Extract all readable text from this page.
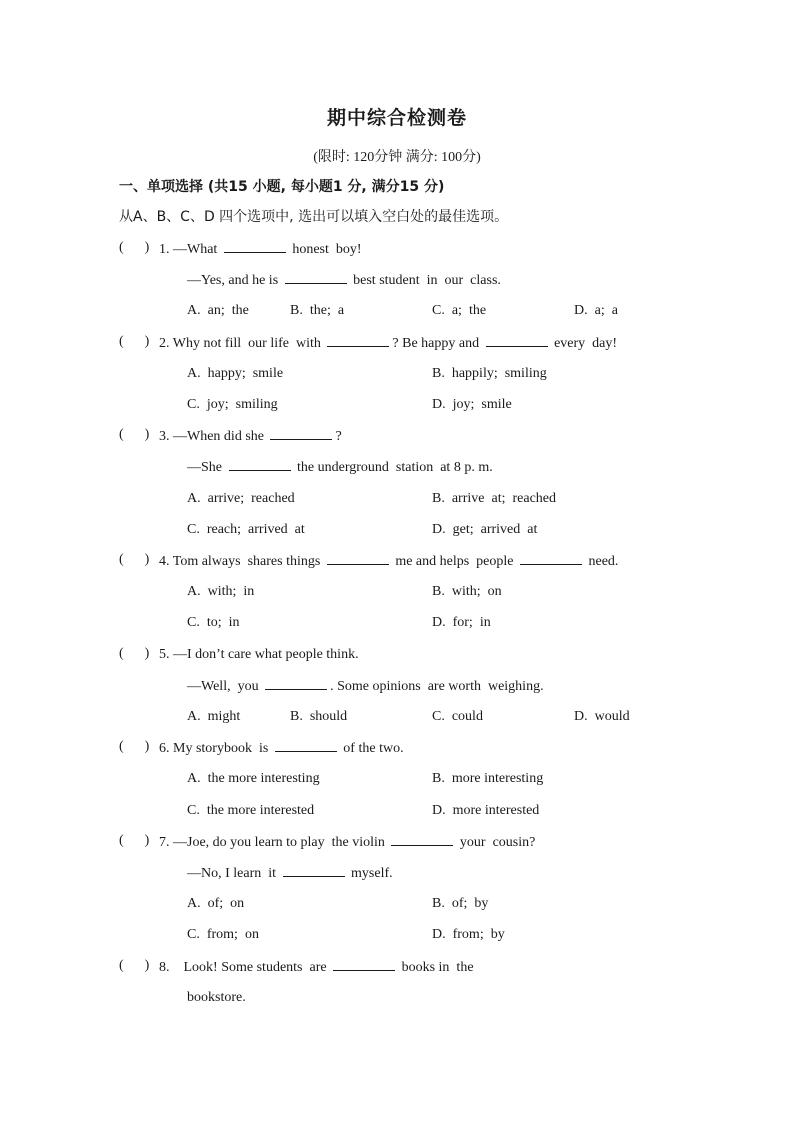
期中综合检测卷
(限时: 120分钟 满分: 100分)
一、单项选择 (共15 小题, 每小题1 分, 满分15 分)
从A、B、C、D 四个选项中, 选出可以填入空白处的最佳选项。
(      ) 1. —What	honest  boy!
—Yes, and he is	best student  in  our  class.
A.  an;  the	B.  the;  a	C.  a;  the	D.  a;  a
(      ) 2. Why not fill  our life  with	? Be happy and	every  day!
A.  happy;  smile	B.  happily;  smiling
C.  joy;  smiling	D.  joy;  smile
(      ) 3. —When did she	?
—She	the underground  station  at 8 p. m.
A.  arrive;  reached	B.  arrive  at;  reached
C.  reach;  arrived  at	D.  get;  arrived  at
(      ) 4. Tom always  shares things	me and helps  people	need.
A.  with;  in	B.  with;  on
C.  to;  in	D.  for;  in
(      ) 5. —I don’t care what people think.
—Well,  you	. Some opinions  are worth  weighing.
A.  might	B.  should	C.  could	D.  would
(      ) 6. My storybook  is	of the two.
A.  the more interesting	B.  more interesting
C.  the more interested	D.  more interested
(      ) 7. —Joe, do you learn to play  the violin	your  cousin?
—No, I learn  it	myself.
A.  of;  on	B.  of;  by
C.  from;  on	D.  from;  by
(      ) 8.    Look! Some students  are	books in  the
bookstore.
